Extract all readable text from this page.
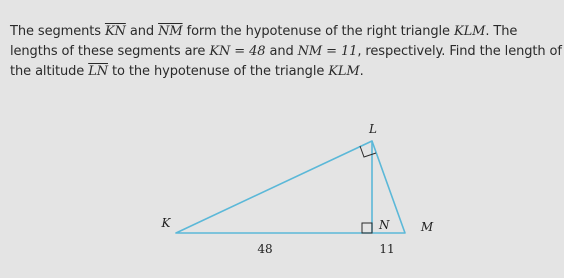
The segments $\overline{KN}$ and $\overline{NM}$ form the hypotenuse of the right triangle KLM. The
lengths of these segments are KN = 48 and NM = 11, respectively. Find the length of
the altitude $\overline{LN}$ to the hypotenuse of the triangle KLM.
L
K	N	M
48	11
